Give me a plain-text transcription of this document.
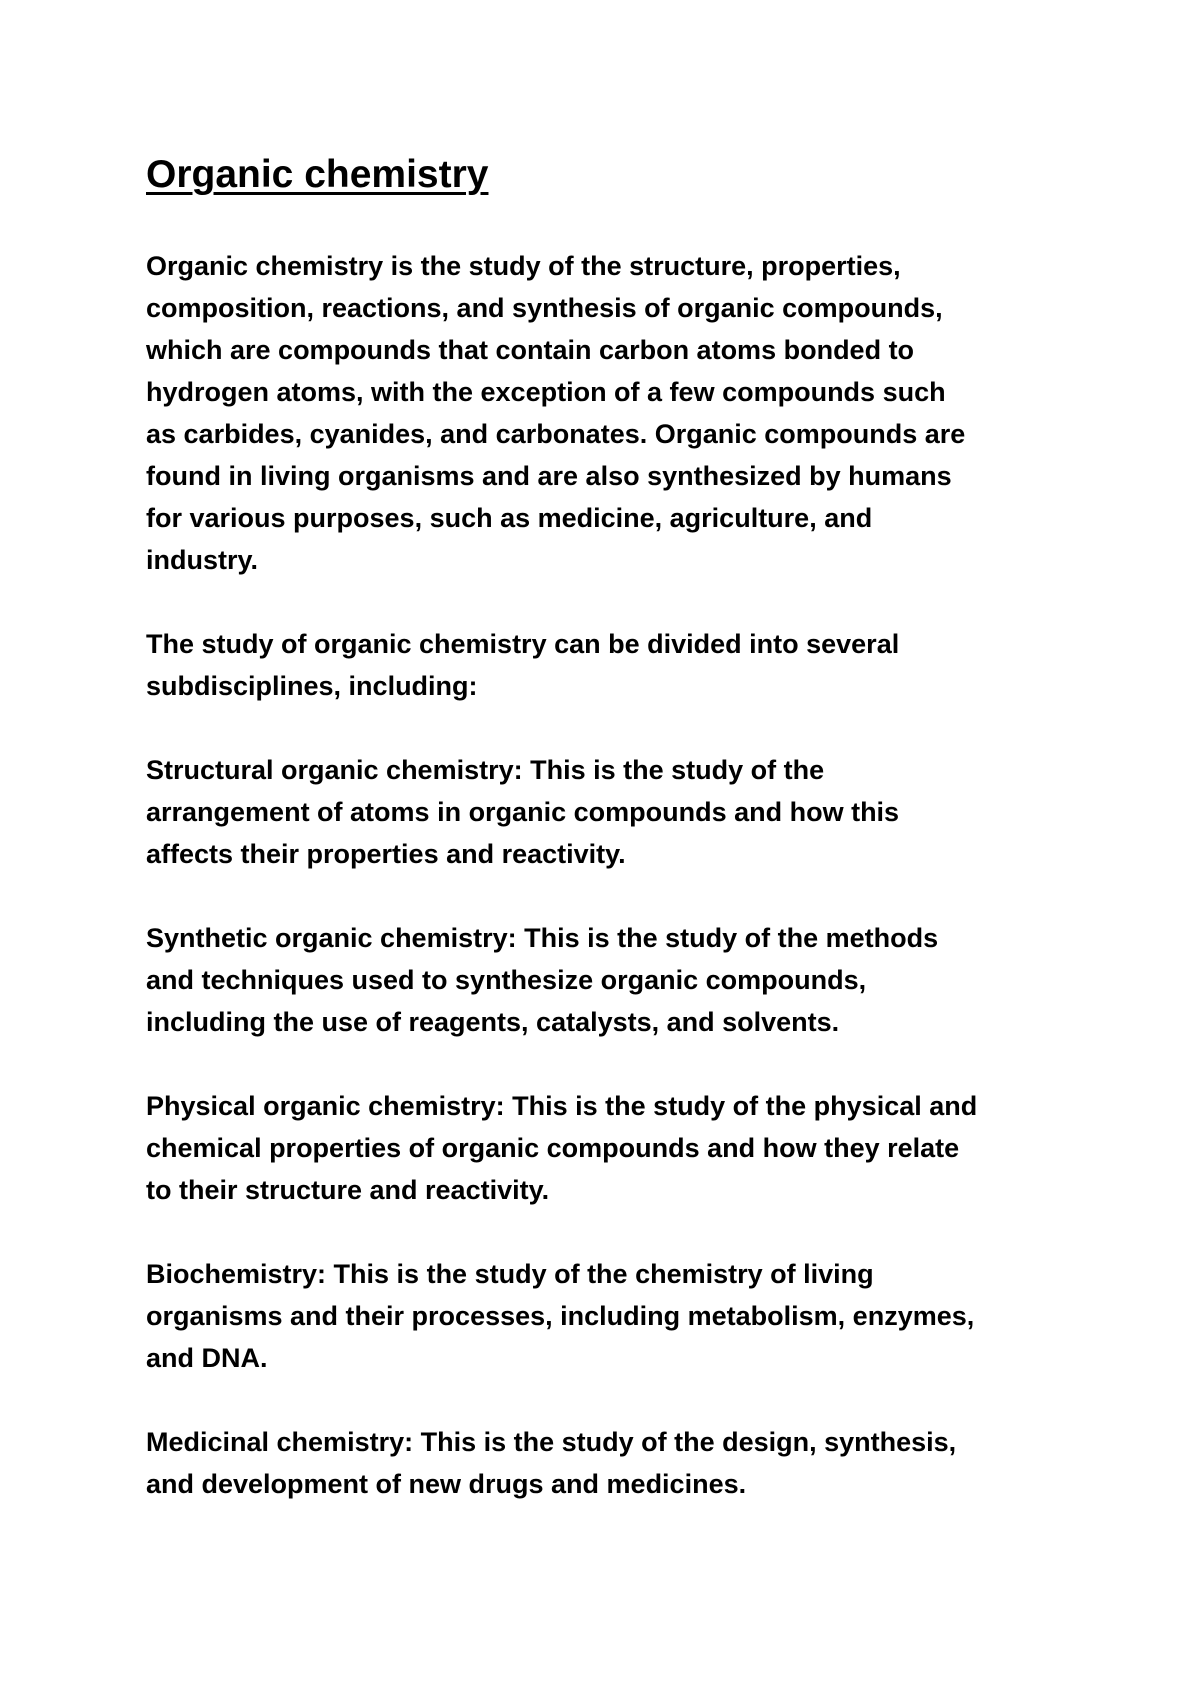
Organic chemistry

Organic chemistry is the study of the structure, properties,
composition, reactions, and synthesis of organic compounds,
which are compounds that contain carbon atoms bonded to
hydrogen atoms, with the exception of a few compounds such
as carbides, cyanides, and carbonates. Organic compounds are
found in living organisms and are also synthesized by humans
for various purposes, such as medicine, agriculture, and
industry.

The study of organic chemistry can be divided into several
subdisciplines, including:

Structural organic chemistry: This is the study of the
arrangement of atoms in organic compounds and how this
affects their properties and reactivity.

Synthetic organic chemistry: This is the study of the methods
and techniques used to synthesize organic compounds,
including the use of reagents, catalysts, and solvents.

Physical organic chemistry: This is the study of the physical and
chemical properties of organic compounds and how they relate
to their structure and reactivity.

Biochemistry: This is the study of the chemistry of living
organisms and their processes, including metabolism, enzymes,
and DNA.

Medicinal chemistry: This is the study of the design, synthesis,
and development of new drugs and medicines.
